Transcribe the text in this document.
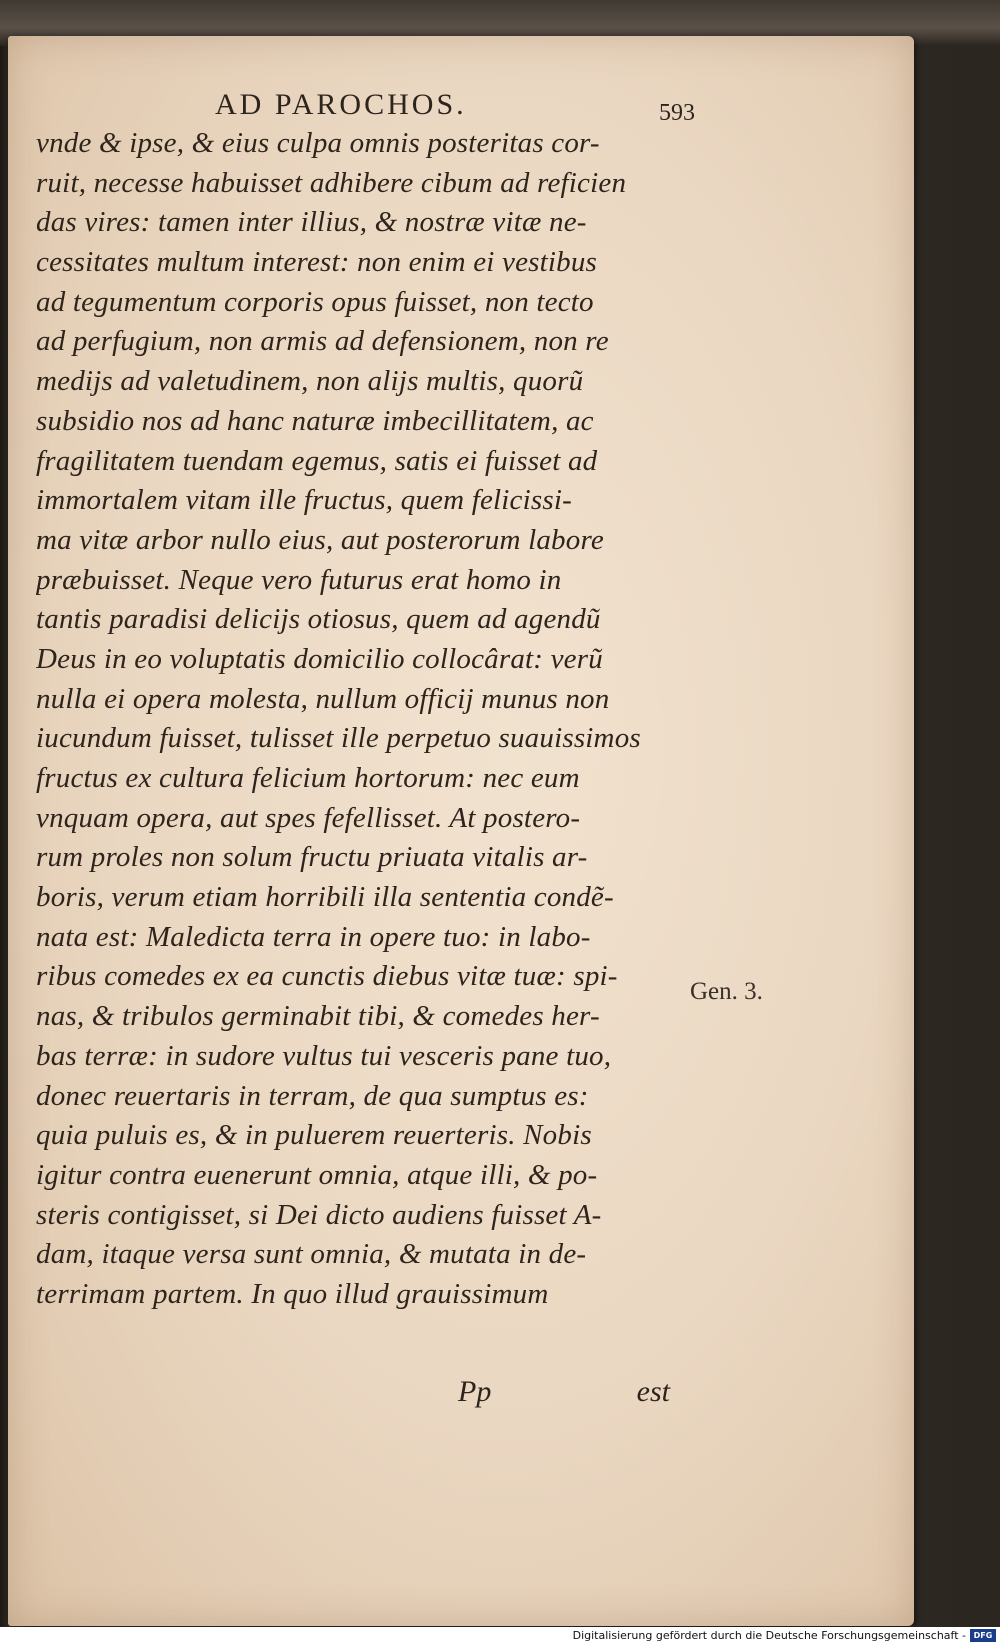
AD PAROCHOS.	593
vnde & ipse, & eius culpa omnis posteritas cor-
ruit, necesse habuisset adhibere cibum ad reficien
das vires: tamen inter illius, & nostræ vitæ ne-
cessitates multum interest: non enim ei vestibus
ad tegumentum corporis opus fuisset, non tecto
ad perfugium, non armis ad defensionem, non re
medijs ad valetudinem, non alijs multis, quorũ
subsidio nos ad hanc naturæ imbecillitatem, ac
fragilitatem tuendam egemus, satis ei fuisset ad
immortalem vitam ille fructus, quem felicissi-
ma vitæ arbor nullo eius, aut posterorum labore
præbuisset. Neque vero futurus erat homo in
tantis paradisi delicijs otiosus, quem ad agendũ
Deus in eo voluptatis domicilio collocârat: verũ
nulla ei opera molesta, nullum officij munus non
iucundum fuisset, tulisset ille perpetuo suauissimos
fructus ex cultura felicium hortorum: nec eum
vnquam opera, aut spes fefellisset. At postero-
rum proles non solum fructu priuata vitalis ar-
boris, verum etiam horribili illa sententia condẽ-
nata est: Maledicta terra in opere tuo: in labo-
ribus comedes ex ea cunctis diebus vitæ tuæ: spi-
nas, & tribulos germinabit tibi, & comedes her-
bas terræ: in sudore vultus tui vesceris pane tuo,
donec reuertaris in terram, de qua sumptus es:
quia puluis es, & in puluerem reuerteris. Nobis
igitur contra euenerunt omnia, atque illi, & po-
steris contigisset, si Dei dicto audiens fuisset A-
dam, itaque versa sunt omnia, & mutata in de-
terrimam partem. In quo illud grauissimum
Gen. 3.
Pp	est
Digitalisierung gefördert durch die Deutsche Forschungsgemeinschaft - DFG
